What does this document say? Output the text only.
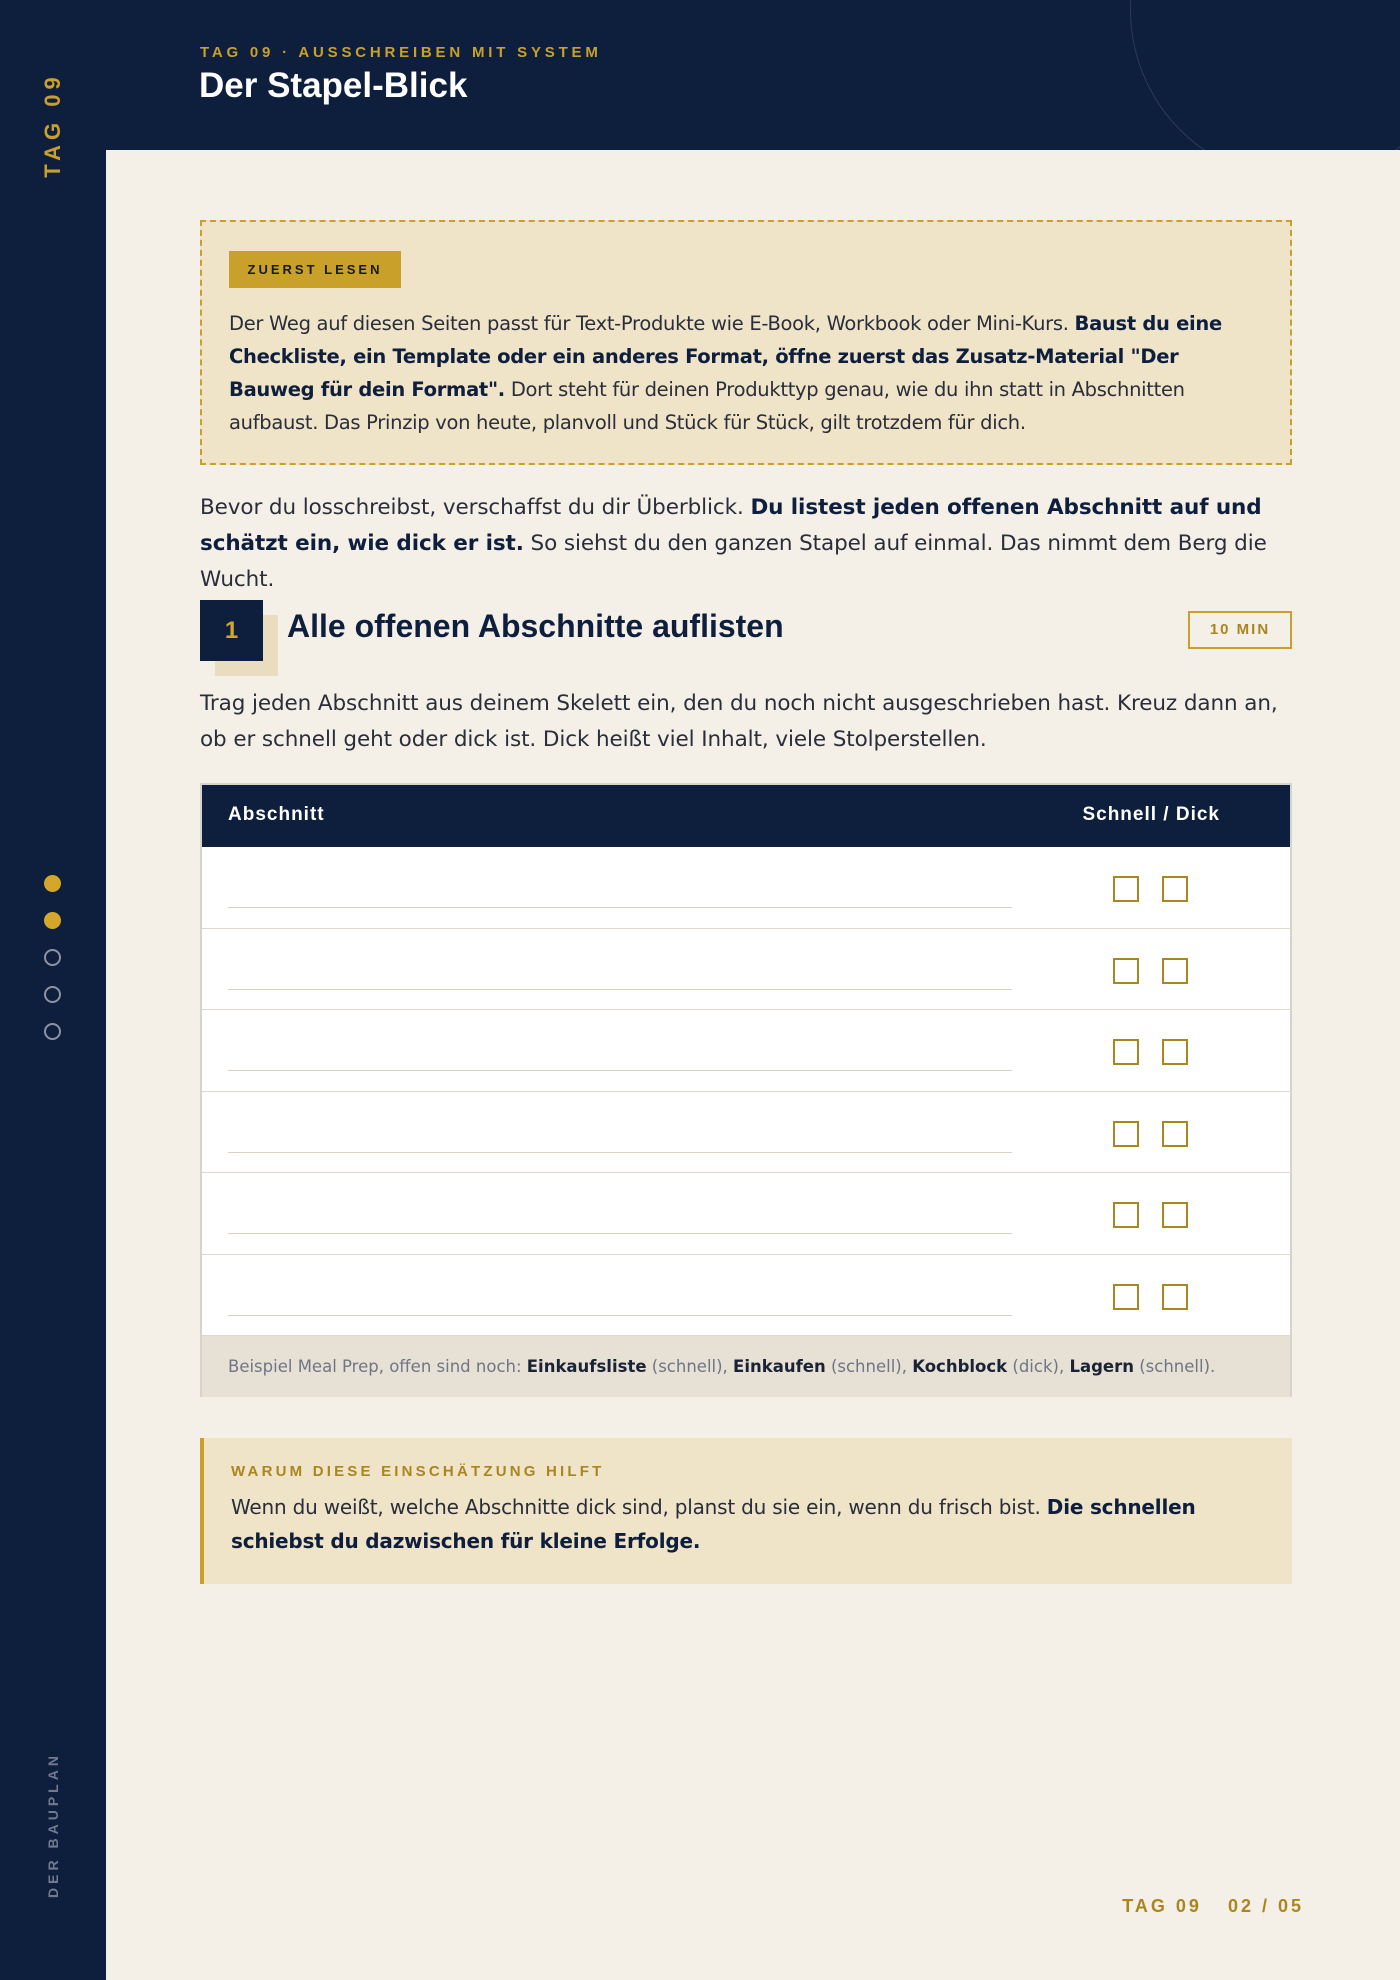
TAG 09
DER BAUPLAN
TAG 09 · AUSSCHREIBEN MIT SYSTEM
Der Stapel-Blick
ZUERST LESEN

Der Weg auf diesen Seiten passt für Text-Produkte wie E-Book, Workbook oder Mini-Kurs. Baust du eine Checkliste, ein Template oder ein anderes Format, öffne zuerst das Zusatz-Material "Der Bauweg für dein Format". Dort steht für deinen Produkttyp genau, wie du ihn statt in Abschnitten aufbaust. Das Prinzip von heute, planvoll und Stück für Stück, gilt trotzdem für dich.

Bevor du losschreibst, verschaffst du dir Überblick. Du listest jeden offenen Abschnitt auf und schätzt ein, wie dick er ist. So siehst du den ganzen Stapel auf einmal. Das nimmt dem Berg die Wucht.

1	Alle offenen Abschnitte auflisten	10 MIN

Trag jeden Abschnitt aus deinem Skelett ein, den du noch nicht ausgeschrieben hast. Kreuz dann an, ob er schnell geht oder dick ist. Dick heißt viel Inhalt, viele Stolperstellen.

Abschnitt	Schnell / Dick
Beispiel Meal Prep, offen sind noch: Einkaufsliste (schnell), Einkaufen (schnell), Kochblock (dick), Lagern (schnell).
WARUM DIESE EINSCHÄTZUNG HILFT

Wenn du weißt, welche Abschnitte dick sind, planst du sie ein, wenn du frisch bist. Die schnellen schiebst du dazwischen für kleine Erfolge.

TAG 09 02 / 05
